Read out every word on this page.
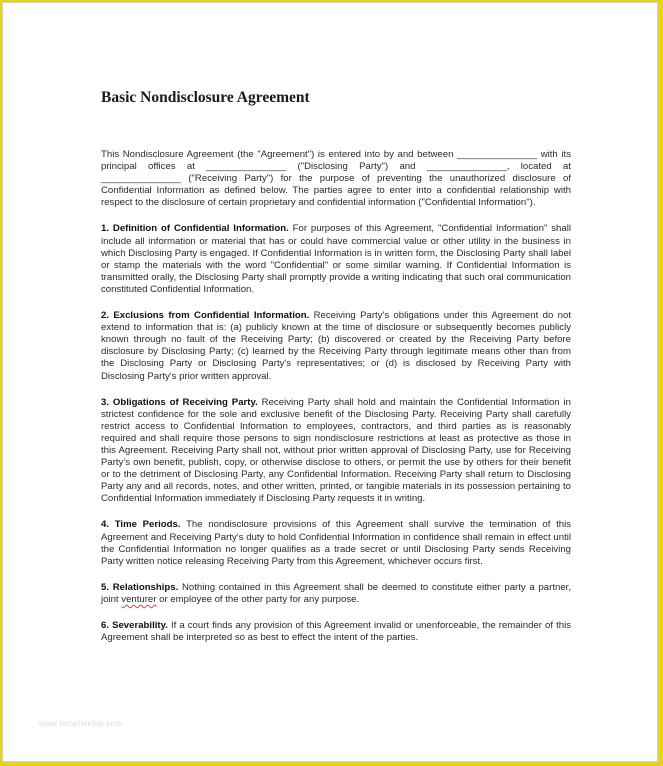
Basic Nondisclosure Agreement

This Nondisclosure Agreement (the "Agreement") is entered into by and between _______________ with its principal offices at _______________ ("Disclosing Party") and _______________, located at _______________ ("Receiving Party") for the purpose of preventing the unauthorized disclosure of Confidential Information as defined below. The parties agree to enter into a confidential relationship with respect to the disclosure of certain proprietary and confidential information ("Confidential Information").

1. Definition of Confidential Information. For purposes of this Agreement, "Confidential Information" shall include all information or material that has or could have commercial value or other utility in the business in which Disclosing Party is engaged. If Confidential Information is in written form, the Disclosing Party shall label or stamp the materials with the word "Confidential" or some similar warning. If Confidential Information is transmitted orally, the Disclosing Party shall promptly provide a writing indicating that such oral communication constituted Confidential Information.

2. Exclusions from Confidential Information. Receiving Party's obligations under this Agreement do not extend to information that is: (a) publicly known at the time of disclosure or subsequently becomes publicly known through no fault of the Receiving Party; (b) discovered or created by the Receiving Party before disclosure by Disclosing Party; (c) learned by the Receiving Party through legitimate means other than from the Disclosing Party or Disclosing Party's representatives; or (d) is disclosed by Receiving Party with Disclosing Party's prior written approval.

3. Obligations of Receiving Party. Receiving Party shall hold and maintain the Confidential Information in strictest confidence for the sole and exclusive benefit of the Disclosing Party. Receiving Party shall carefully restrict access to Confidential Information to employees, contractors, and third parties as is reasonably required and shall require those persons to sign nondisclosure restrictions at least as protective as those in this Agreement. Receiving Party shall not, without prior written approval of Disclosing Party, use for Receiving Party's own benefit, publish, copy, or otherwise disclose to others, or permit the use by others for their benefit or to the detriment of Disclosing Party, any Confidential Information. Receiving Party shall return to Disclosing Party any and all records, notes, and other written, printed, or tangible materials in its possession pertaining to Confidential Information immediately if Disclosing Party requests it in writing.

4. Time Periods. The nondisclosure provisions of this Agreement shall survive the termination of this Agreement and Receiving Party's duty to hold Confidential Information in confidence shall remain in effect until the Confidential Information no longer qualifies as a trade secret or until Disclosing Party sends Receiving Party written notice releasing Receiving Party from this Agreement, whichever occurs first.

5. Relationships. Nothing contained in this Agreement shall be deemed to constitute either party a partner, joint venturer or employee of the other party for any purpose.

6. Severability. If a court finds any provision of this Agreement invalid or unenforceable, the remainder of this Agreement shall be interpreted so as best to effect the intent of the parties.

www.templatelab.com
